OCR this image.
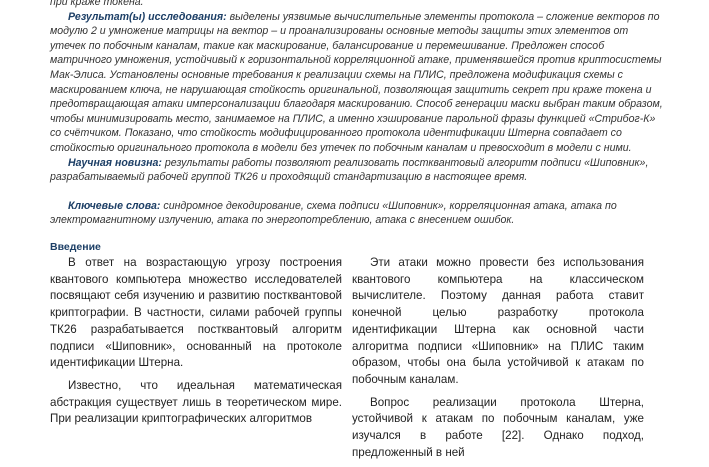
при краже токена.

Результат(ы) исследования: выделены уязвимые вычислительные элементы протокола – сложение векторов по модулю 2 и умножение матрицы на вектор – и проанализированы основные методы защиты этих элементов от утечек по побочным каналам, такие как маскирование, балансирование и перемешивание. Предложен способ матричного умножения, устойчивый к горизонтальной корреляционной атаке, применявшейся против криптосистемы Мак-Элиса. Установлены основные требования к реализации схемы на ПЛИС, предложена модификация схемы с маскированием ключа, не нарушающая стойкость оригинальной, позволяющая защитить секрет при краже токена и предотвращающая атаки имперсонализации благодаря маскированию. Способ генерации маски выбран таким образом, чтобы минимизировать место, занимаемое на ПЛИС, а именно хэширование парольной фразы функцией «Стрибог-К» со счётчиком. Показано, что стойкость модифицированного протокола идентификации Штерна совпадает со стойкостью оригинального протокола в модели без утечек по побочным каналам и превосходит в модели с ними.

Научная новизна: результаты работы позволяют реализовать постквантовый алгоритм подписи «Шиповник», разрабатываемый рабочей группой ТК26 и проходящий стандартизацию в настоящее время.

Ключевые слова: синдромное декодирование, схема подписи «Шиповник», корреляционная атака, атака по электромагнитному излучению, атака по энергопотреблению, атака с внесением ошибок.

Введение

В ответ на возрастающую угрозу построения квантового компьютера множество исследователей посвящают себя изучению и развитию постквантовой криптографии. В частности, силами рабочей группы ТК26 разрабатывается постквантовый алгоритм подписи «Шиповник», основанный на протоколе идентификации Штерна.

Известно, что идеальная математическая абстракция существует лишь в теоретическом мире. При реализации криптографических алгоритмов

Эти атаки можно провести без использования квантового компьютера на классическом вычислителе. Поэтому данная работа ставит конечной целью разработку протокола идентификации Штерна как основной части алгоритма подписи «Шиповник» на ПЛИС таким образом, чтобы она была устойчивой к атакам по побочным каналам.

Вопрос реализации протокола Штерна, устойчивой к атакам по побочным каналам, уже изучался в работе [22]. Однако подход, предложенный в ней
